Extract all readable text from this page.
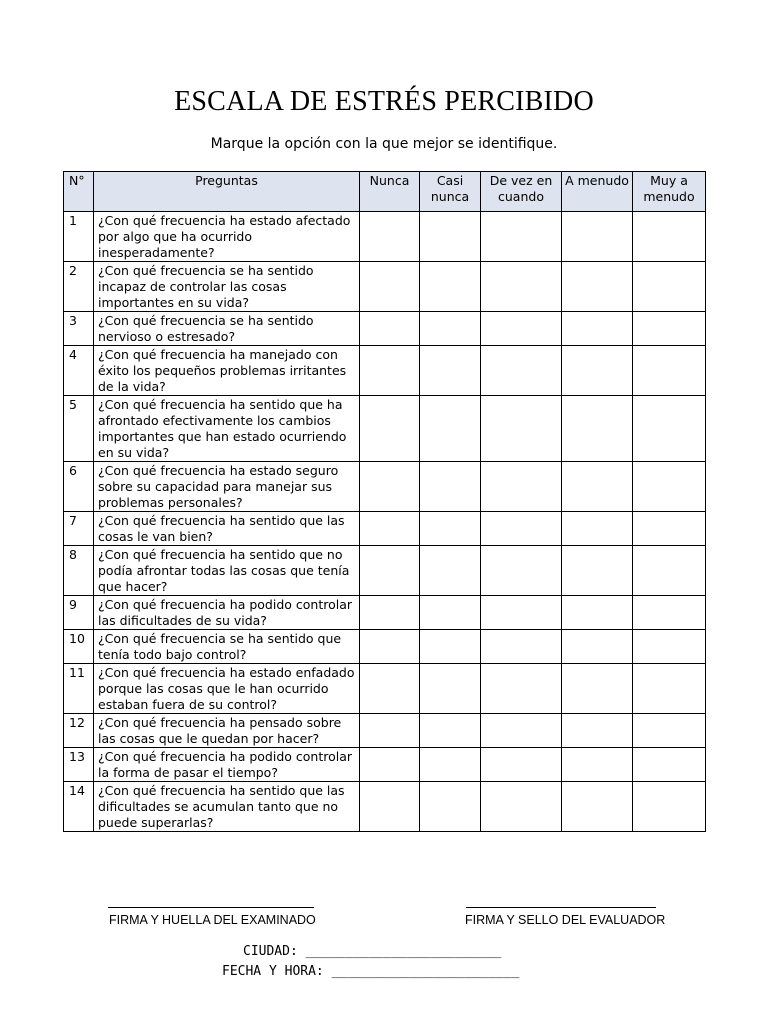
ESCALA DE ESTRÉS PERCIBIDO
Marque la opción con la que mejor se identifique.
N°	Preguntas	Nunca	Casi nunca	De vez en cuando	A menudo	Muy a menudo
1	¿Con qué frecuencia ha estado afectado por algo que ha ocurrido inesperadamente?					
2	¿Con qué frecuencia se ha sentido incapaz de controlar las cosas importantes en su vida?					
3	¿Con qué frecuencia se ha sentido nervioso o estresado?					
4	¿Con qué frecuencia ha manejado con éxito los pequeños problemas irritantes de la vida?					
5	¿Con qué frecuencia ha sentido que ha afrontado efectivamente los cambios importantes que han estado ocurriendo en su vida?					
6	¿Con qué frecuencia ha estado seguro sobre su capacidad para manejar sus problemas personales?					
7	¿Con qué frecuencia ha sentido que las cosas le van bien?					
8	¿Con qué frecuencia ha sentido que no podía afrontar todas las cosas que tenía que hacer?					
9	¿Con qué frecuencia ha podido controlar las dificultades de su vida?					
10	¿Con qué frecuencia se ha sentido que tenía todo bajo control?					
11	¿Con qué frecuencia ha estado enfadado porque las cosas que le han ocurrido estaban fuera de su control?					
12	¿Con qué frecuencia ha pensado sobre las cosas que le quedan por hacer?					
13	¿Con qué frecuencia ha podido controlar la forma de pasar el tiempo?					
14	¿Con qué frecuencia ha sentido que las dificultades se acumulan tanto que no puede superarlas?					
FIRMA Y HUELLA DEL EXAMINADO	FIRMA Y SELLO DEL EVALUADOR
CIUDAD: _________________________
FECHA Y HORA: ________________________
